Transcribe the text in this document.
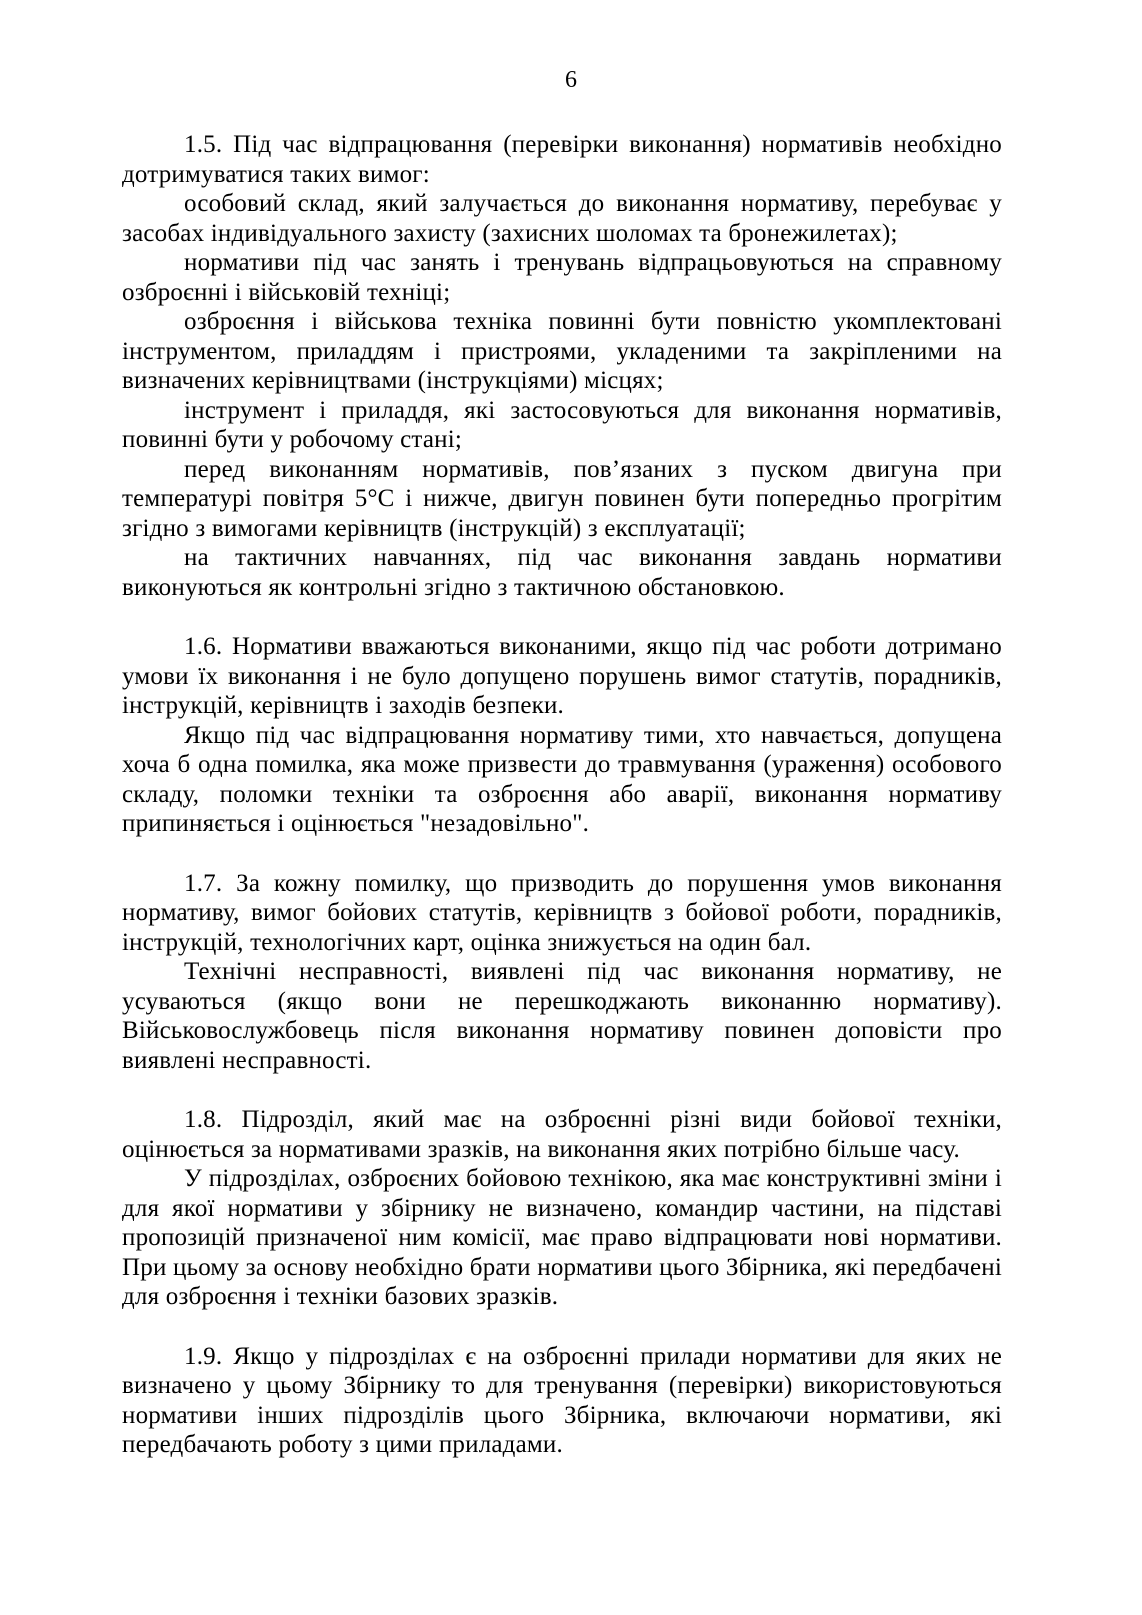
6

1.5. Під час відпрацювання (перевірки виконання) нормативів необхідно дотримуватися таких вимог:

особовий склад, який залучається до виконання нормативу, перебуває у засобах індивідуального захисту (захисних шоломах та бронежилетах);

нормативи під час занять і тренувань відпрацьовуються на справному озброєнні і військовій техніці;

озброєння і військова техніка повинні бути повністю укомплектовані інструментом, приладдям і пристроями, укладеними та закріпленими на визначених керівництвами (інструкціями) місцях;

інструмент і приладдя, які застосовуються для виконання нормативів, повинні бути у робочому стані;

перед виконанням нормативів, пов’язаних з пуском двигуна при температурі повітря 5°С і нижче, двигун повинен бути попередньо прогрітим згідно з вимогами керівництв (інструкцій) з експлуатації;

на тактичних навчаннях, під час виконання завдань нормативи виконуються як контрольні згідно з тактичною обстановкою.

1.6. Нормативи вважаються виконаними, якщо під час роботи дотримано умови їх виконання і не було допущено порушень вимог статутів, порадників, інструкцій, керівництв і заходів безпеки.

Якщо під час відпрацювання нормативу тими, хто навчається, допущена хоча б одна помилка, яка може призвести до травмування (ураження) особового складу, поломки техніки та озброєння або аварії, виконання нормативу припиняється і оцінюється "незадовільно".

1.7. За кожну помилку, що призводить до порушення умов виконання нормативу, вимог бойових статутів, керівництв з бойової роботи, порадників, інструкцій, технологічних карт, оцінка знижується на один бал.

Технічні несправності, виявлені під час виконання нормативу, не усуваються (якщо вони не перешкоджають виконанню нормативу). Військовослужбовець після виконання нормативу повинен доповісти про виявлені несправності.

1.8. Підрозділ, який має на озброєнні різні види бойової техніки, оцінюється за нормативами зразків, на виконання яких потрібно більше часу.

У підрозділах, озброєних бойовою технікою, яка має конструктивні зміни і для якої нормативи у збірнику не визначено, командир частини, на підставі пропозицій призначеної ним комісії, має право відпрацювати нові нормативи. При цьому за основу необхідно брати нормативи цього Збірника, які передбачені для озброєння і техніки базових зразків.

1.9. Якщо у підрозділах є на озброєнні прилади нормативи для яких не визначено у цьому Збірнику то для тренування (перевірки) використовуються нормативи інших підрозділів цього Збірника, включаючи нормативи, які передбачають роботу з цими приладами.
